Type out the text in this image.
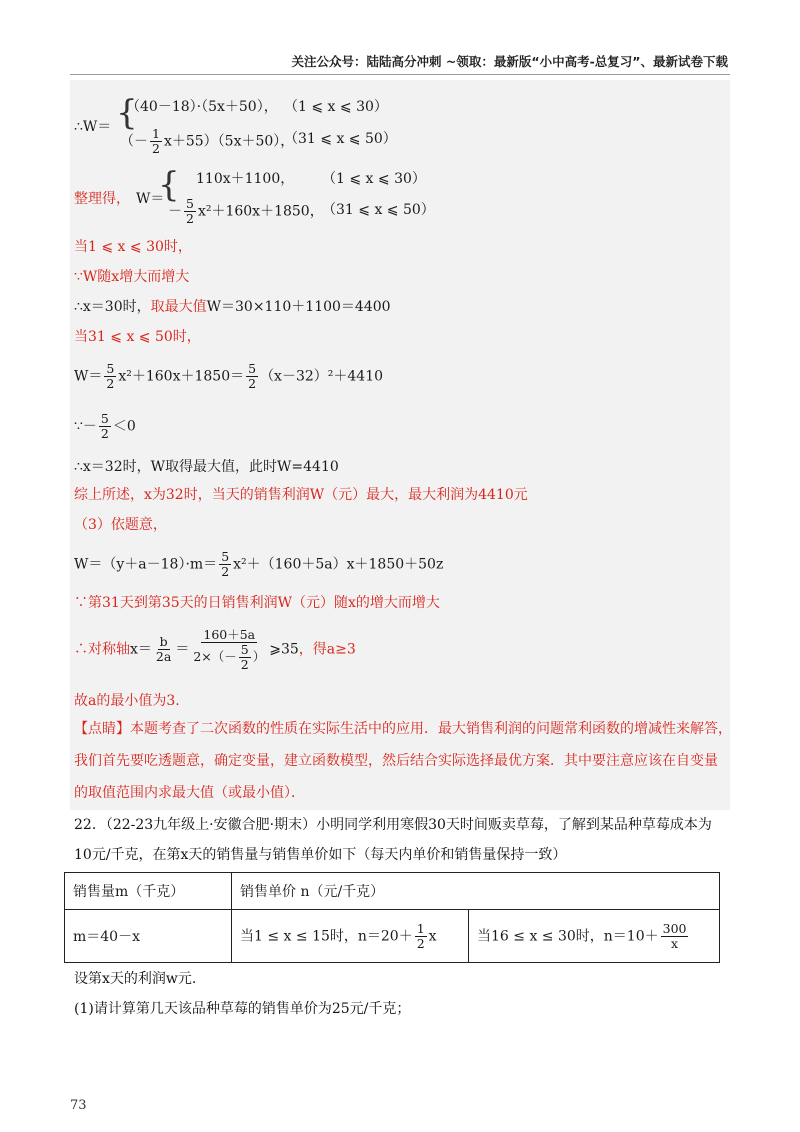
关注公众号：陆陆高分冲刺 ~领取：最新版“小中高考-总复习”、最新试卷下载
∴W＝ {
（40－18）·（5x＋50）， （1 ⩽ x ⩽ 30）
（－ $\frac{1}{2} x+55)(5x+50)$，
（31 ⩽ x ⩽ 50）
整理得， W＝
{ 110x＋1100， （1 ⩽ x ⩽ 30）
－ $\frac{5}{2} x^2+160x+1850$，
（31 ⩽ x ⩽ 50）
当1 ⩽ x ⩽ 30时，
∵W随x增大而增大
∴x＝30时，取最大值W＝30×110＋1100＝4400
当31 ⩽ x ⩽ 50时，
$W= \frac{5}{2} x^2+160x+1850= \frac{5}{2} (x-32)^2+4410$
∵－ $\frac{5}{2} <0$
∴x＝32时，W取得最大值，此时W=4410
综上所述，x为32时，当天的销售利润W（元）最大，最大利润为4410元
（3）依题意，
$W=(y+a-18)\cdot m= \frac{5}{2} x^2+(160+5a)x+1850+50z$
∵第31天到第35天的日销售利润W（元）随x的增大而增大
∴对称轴$x= \frac{b}{2a} = \frac{160+5a}{2\times(- \frac{5}{2} )}$ ⩾35，得a≥3
故a的最小值为3.
【点睛】本题考查了二次函数的性质在实际生活中的应用．最大销售利润的问题常利函数的增减性来解答，
我们首先要吃透题意，确定变量，建立函数模型，然后结合实际选择最优方案．其中要注意应该在自变量
的取值范围内求最大值（或最小值）．
22．（22-23九年级上·安徽合肥·期末）小明同学利用寒假30天时间贩卖草莓，了解到某品种草莓成本为
10元/千克，在第x天的销售量与销售单价如下（每天内单价和销售量保持一致）
销售量m（千克）	销售单价 n（元/千克）	
m＝40－x	当1 ≤ x ≤ 15时，$n=20+ \frac{1}{2}$ x	当16 ≤ x ≤ 30时，$n=10+ \frac{300}{x}$
设第x天的利润w元.
(1)请计算第几天该品种草莓的销售单价为25元/千克；
73
